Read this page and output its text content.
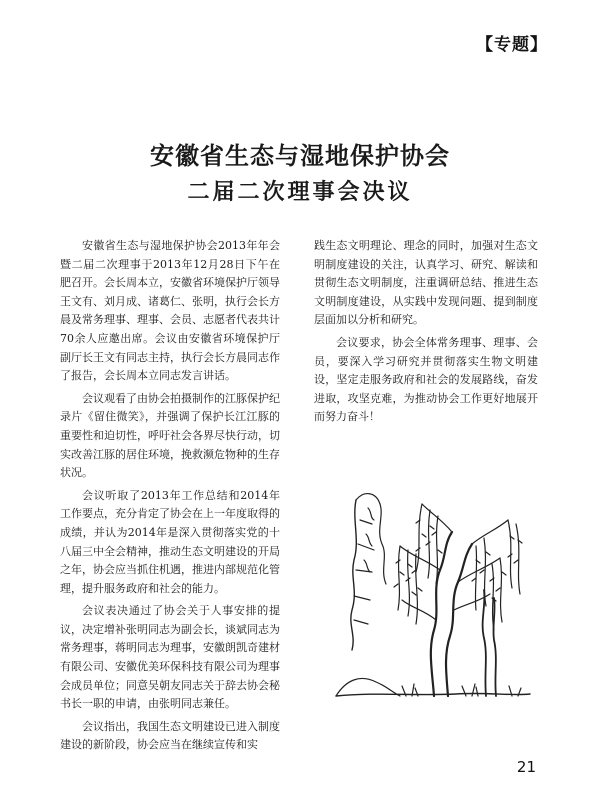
【专题】
安徽省生态与湿地保护协会
二届二次理事会决议

安徽省生态与湿地保护协会2013年年会暨二届二次理事于2013年12月28日下午在肥召开。会长周本立，安徽省环境保护厅领导王文有、刘月成、诸葛仁、张明，执行会长方晨及常务理事、理事、会员、志愿者代表共计70余人应邀出席。会议由安徽省环境保护厅副厅长王文有同志主持，执行会长方晨同志作了报告，会长周本立同志发言讲话。

会议观看了由协会拍摄制作的江豚保护纪录片《留住微笑》，并强调了保护长江江豚的重要性和迫切性，呼吁社会各界尽快行动，切实改善江豚的居住环境，挽救濒危物种的生存状况。

会议听取了2013年工作总结和2014年工作要点，充分肯定了协会在上一年度取得的成绩，并认为2014年是深入贯彻落实党的十八届三中全会精神，推动生态文明建设的开局之年，协会应当抓住机遇，推进内部规范化管理，提升服务政府和社会的能力。

会议表决通过了协会关于人事安排的提议，决定增补张明同志为副会长，谈斌同志为常务理事，蒋明同志为理事，安徽朗凯奇建材有限公司、安徽优美环保科技有限公司为理事会成员单位；同意吴朝友同志关于辞去协会秘书长一职的申请，由张明同志兼任。

会议指出，我国生态文明建设已进入制度建设的新阶段，协会应当在继续宣传和实

践生态文明理论、理念的同时，加强对生态文明制度建设的关注，认真学习、研究、解读和贯彻生态文明制度，注重调研总结、推进生态文明制度建设，从实践中发现问题、提到制度层面加以分析和研究。

会议要求，协会全体常务理事、理事、会员，要深入学习研究并贯彻落实生物文明建设，坚定走服务政府和社会的发展路线，奋发进取，攻坚克难，为推动协会工作更好地展开而努力奋斗！

21
